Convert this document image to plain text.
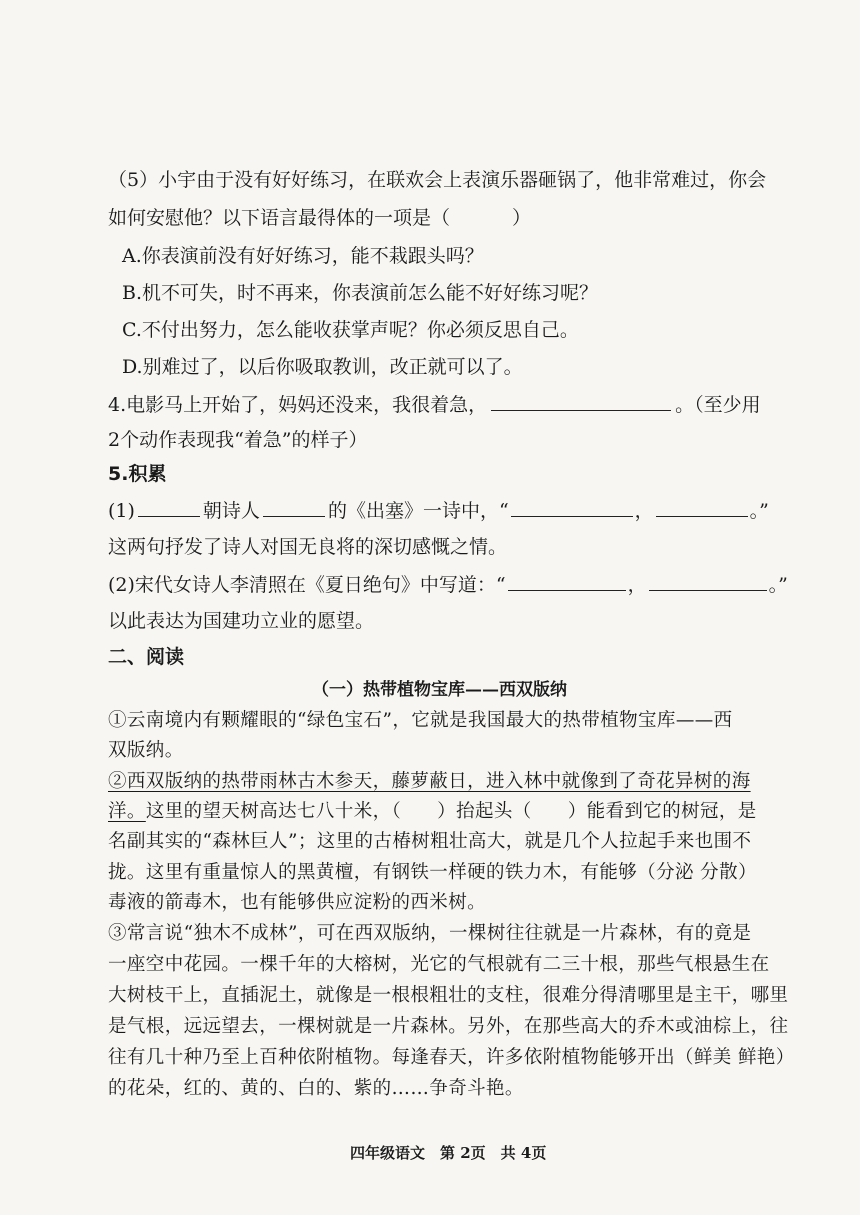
（5）小宇由于没有好好练习，在联欢会上表演乐器砸锅了，他非常难过，你会
如何安慰他？以下语言最得体的一项是（	）
A.你表演前没有好好练习，能不栽跟头吗？
B.机不可失，时不再来，你表演前怎么能不好好练习呢？
C.不付出努力，怎么能收获掌声呢？你必须反思自己。
D.别难过了，以后你吸取教训，改正就可以了。
4.电影马上开始了，妈妈还没来，我很着急，	。（至少用
2个动作表现我“着急”的样子）
5.积累
(1)	朝诗人	的《出塞》一诗中，“	，	。”
这两句抒发了诗人对国无良将的深切感慨之情。
(2)宋代女诗人李清照在《夏日绝句》中写道：“	，	。”
以此表达为国建功立业的愿望。
二、阅读
（一）热带植物宝库——西双版纳
①云南境内有颗耀眼的“绿色宝石”，它就是我国最大的热带植物宝库——西
双版纳。
②西双版纳的热带雨林古木参天，藤萝蔽日，进入林中就像到了奇花异树的海
洋。这里的望天树高达七八十米，（ ）抬起头（ ）能看到它的树冠，是
名副其实的“森林巨人”；这里的古椿树粗壮高大，就是几个人拉起手来也围不
拢。这里有重量惊人的黑黄檀，有钢铁一样硬的铁力木，有能够（分泌 分散）
毒液的箭毒木，也有能够供应淀粉的西米树。
③常言说“独木不成林”，可在西双版纳，一棵树往往就是一片森林，有的竟是
一座空中花园。一棵千年的大榕树，光它的气根就有二三十根，那些气根悬生在
大树枝干上，直插泥土，就像是一根根粗壮的支柱，很难分得清哪里是主干，哪里
是气根，远远望去，一棵树就是一片森林。另外，在那些高大的乔木或油棕上，往
往有几十种乃至上百种依附植物。每逢春天，许多依附植物能够开出（鲜美 鲜艳）
的花朵，红的、黄的、白的、紫的……争奇斗艳。
四年级语文　第 2页　共 4页
